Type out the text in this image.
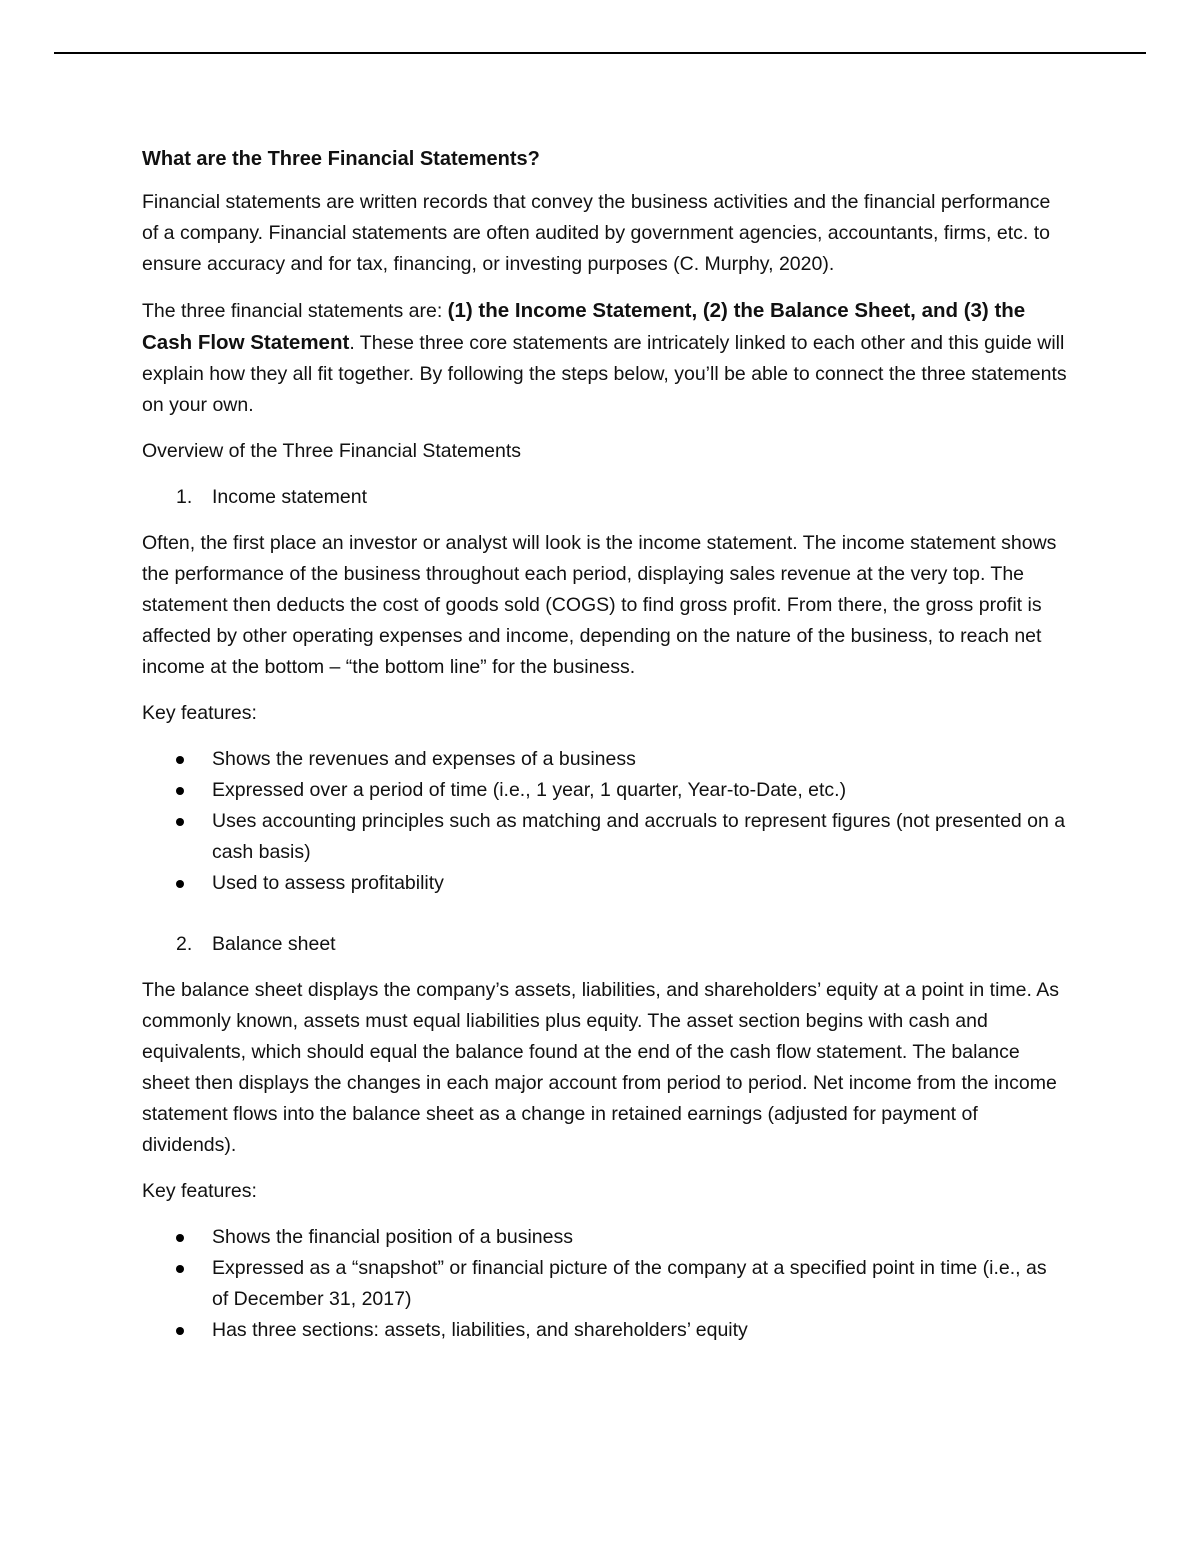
What are the Three Financial Statements?

Financial statements are written records that convey the business activities and the financial performance of a company. Financial statements are often audited by government agencies, accountants, firms, etc. to ensure accuracy and for tax, financing, or investing purposes (C. Murphy, 2020).

The three financial statements are: (1) the Income Statement, (2) the Balance Sheet, and (3) the Cash Flow Statement. These three core statements are intricately linked to each other and this guide will explain how they all fit together. By following the steps below, you’ll be able to connect the three statements on your own.

Overview of the Three Financial Statements

1. Income statement

Often, the first place an investor or analyst will look is the income statement. The income statement shows the performance of the business throughout each period, displaying sales revenue at the very top. The statement then deducts the cost of goods sold (COGS) to find gross profit. From there, the gross profit is affected by other operating expenses and income, depending on the nature of the business, to reach net income at the bottom – “the bottom line” for the business.

Key features:

Shows the revenues and expenses of a business
Expressed over a period of time (i.e., 1 year, 1 quarter, Year-to-Date, etc.)
Uses accounting principles such as matching and accruals to represent figures (not presented on a cash basis)
Used to assess profitability
2. Balance sheet

The balance sheet displays the company’s assets, liabilities, and shareholders’ equity at a point in time. As commonly known, assets must equal liabilities plus equity. The asset section begins with cash and equivalents, which should equal the balance found at the end of the cash flow statement. The balance sheet then displays the changes in each major account from period to period. Net income from the income statement flows into the balance sheet as a change in retained earnings (adjusted for payment of dividends).

Key features:

Shows the financial position of a business
Expressed as a “snapshot” or financial picture of the company at a specified point in time (i.e., as of December 31, 2017)
Has three sections: assets, liabilities, and shareholders’ equity
